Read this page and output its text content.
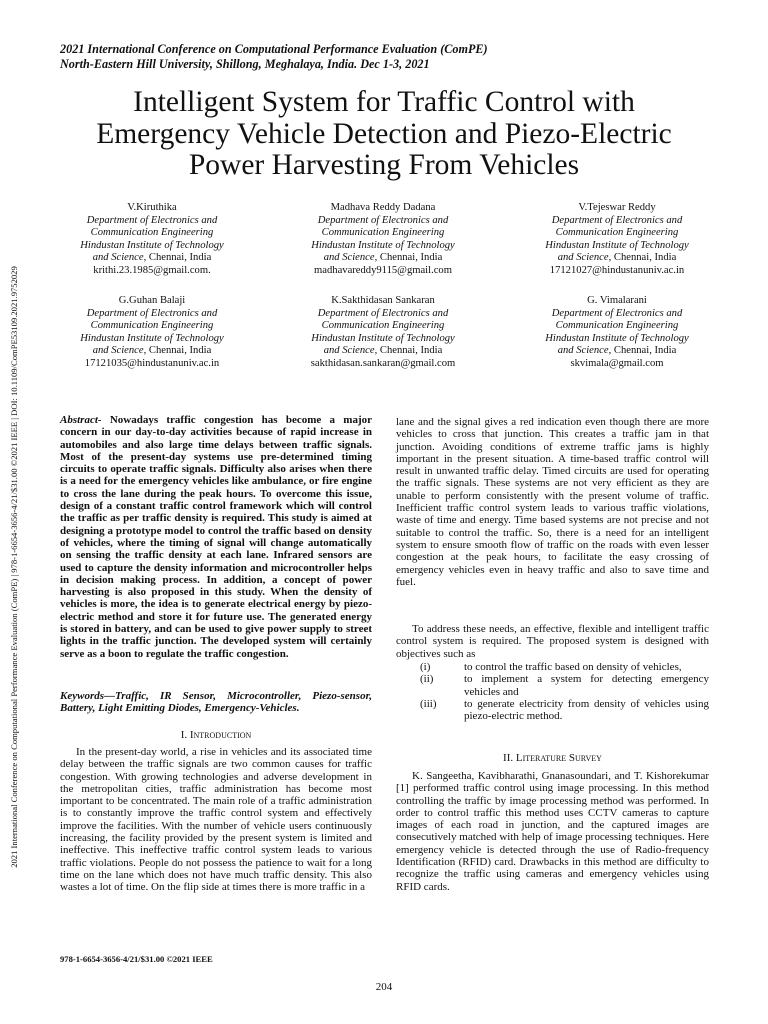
2021 International Conference on Computational Performance Evaluation (ComPE)
North-Eastern Hill University, Shillong, Meghalaya, India. Dec 1-3, 2021
Intelligent System for Traffic Control with
Emergency Vehicle Detection and Piezo-Electric
Power Harvesting From Vehicles
2021 International Conference on Computational Performance Evaluation (ComPE) | 978-1-6654-3656-4/21/$31.00 ©2021 IEEE | DOI: 10.1109/ComPE53109.2021.9752029
V.Kiruthika
Department of Electronics and
Communication Engineering
Hindustan Institute of Technology
and Science, Chennai, India
krithi.23.1985@gmail.com.
Madhava Reddy Dadana
Department of Electronics and
Communication Engineering
Hindustan Institute of Technology
and Science, Chennai, India
madhavareddy9115@gmail.com
V.Tejeswar Reddy
Department of Electronics and
Communication Engineering
Hindustan Institute of Technology
and Science, Chennai, India
17121027@hindustanuniv.ac.in
G.Guhan Balaji
Department of Electronics and
Communication Engineering
Hindustan Institute of Technology
and Science, Chennai, India
17121035@hindustanuniv.ac.in
K.Sakthidasan Sankaran
Department of Electronics and
Communication Engineering
Hindustan Institute of Technology
and Science, Chennai, India
sakthidasan.sankaran@gmail.com
G. Vimalarani
Department of Electronics and
Communication Engineering
Hindustan Institute of Technology
and Science, Chennai, India
skvimala@gmail.com
Abstract- Nowadays traffic congestion has become a major concern in our day-to-day activities because of rapid increase in automobiles and also large time delays between traffic signals. Most of the present-day systems use pre-determined timing circuits to operate traffic signals. Difficulty also arises when there is a need for the emergency vehicles like ambulance, or fire engine to cross the lane during the peak hours. To overcome this issue, design of a constant traffic control framework which will control the traffic as per traffic density is required. This study is aimed at designing a prototype model to control the traffic based on density of vehicles, where the timing of signal will change automatically on sensing the traffic density at each lane. Infrared sensors are used to capture the density information and microcontroller helps in decision making process. In addition, a concept of power harvesting is also proposed in this study. When the density of vehicles is more, the idea is to generate electrical energy by piezo-electric method and store it for future use. The generated energy is stored in battery, and can be used to give power supply to street lights in the traffic junction. The developed system will certainly serve as a boon to regulate the traffic congestion.
Keywords—Traffic, IR Sensor, Microcontroller, Piezo-sensor, Battery, Light Emitting Diodes, Emergency-Vehicles.
I. Introduction
In the present-day world, a rise in vehicles and its associated time delay between the traffic signals are two common causes for traffic congestion. With growing technologies and adverse development in the metropolitan cities, traffic administration has become most important to be concentrated. The main role of a traffic administration is to constantly improve the traffic control system and effectively improve the facilities. With the number of vehicle users continuously increasing, the facility provided by the present system is limited and ineffective. This ineffective traffic control system leads to various traffic violations. People do not possess the patience to wait for a long time on the lane which does not have much traffic density. This also wastes a lot of time. On the flip side at times there is more traffic in a
lane and the signal gives a red indication even though there are more vehicles to cross that junction. This creates a traffic jam in that junction. Avoiding conditions of extreme traffic jams is highly important in the present situation. A time-based traffic control will result in unwanted traffic delay. Timed circuits are used for operating the traffic signals. These systems are not very efficient as they are unable to perform consistently with the present volume of traffic. Inefficient traffic control system leads to various traffic violations, waste of time and energy. Time based systems are not precise and not suitable to control the traffic. So, there is a need for an intelligent system to ensure smooth flow of traffic on the roads with even lesser congestion at the peak hours, to facilitate the easy crossing of emergency vehicles even in heavy traffic and also to save time and fuel.
To address these needs, an effective, flexible and intelligent traffic control system is required. The proposed system is designed with objectives such as
(i)	to control the traffic based on density of vehicles,
(ii)	to implement a system for detecting emergency vehicles and
(iii)	to generate electricity from density of vehicles using piezo-electric method.
II. Literature Survey
K. Sangeetha, Kavibharathi, Gnanasoundari, and T. Kishorekumar [1] performed traffic control using image processing. In this method controlling the traffic by image processing method was performed. In order to control traffic this method uses CCTV cameras to capture images of each road in junction, and the captured images are consecutively matched with help of image processing techniques. Here emergency vehicle is detected through the use of Radio-frequency Identification (RFID) card. Drawbacks in this method are difficulty to recognize the traffic using cameras and emergency vehicles using RFID cards.
978-1-6654-3656-4/21/$31.00 ©2021 IEEE
204
